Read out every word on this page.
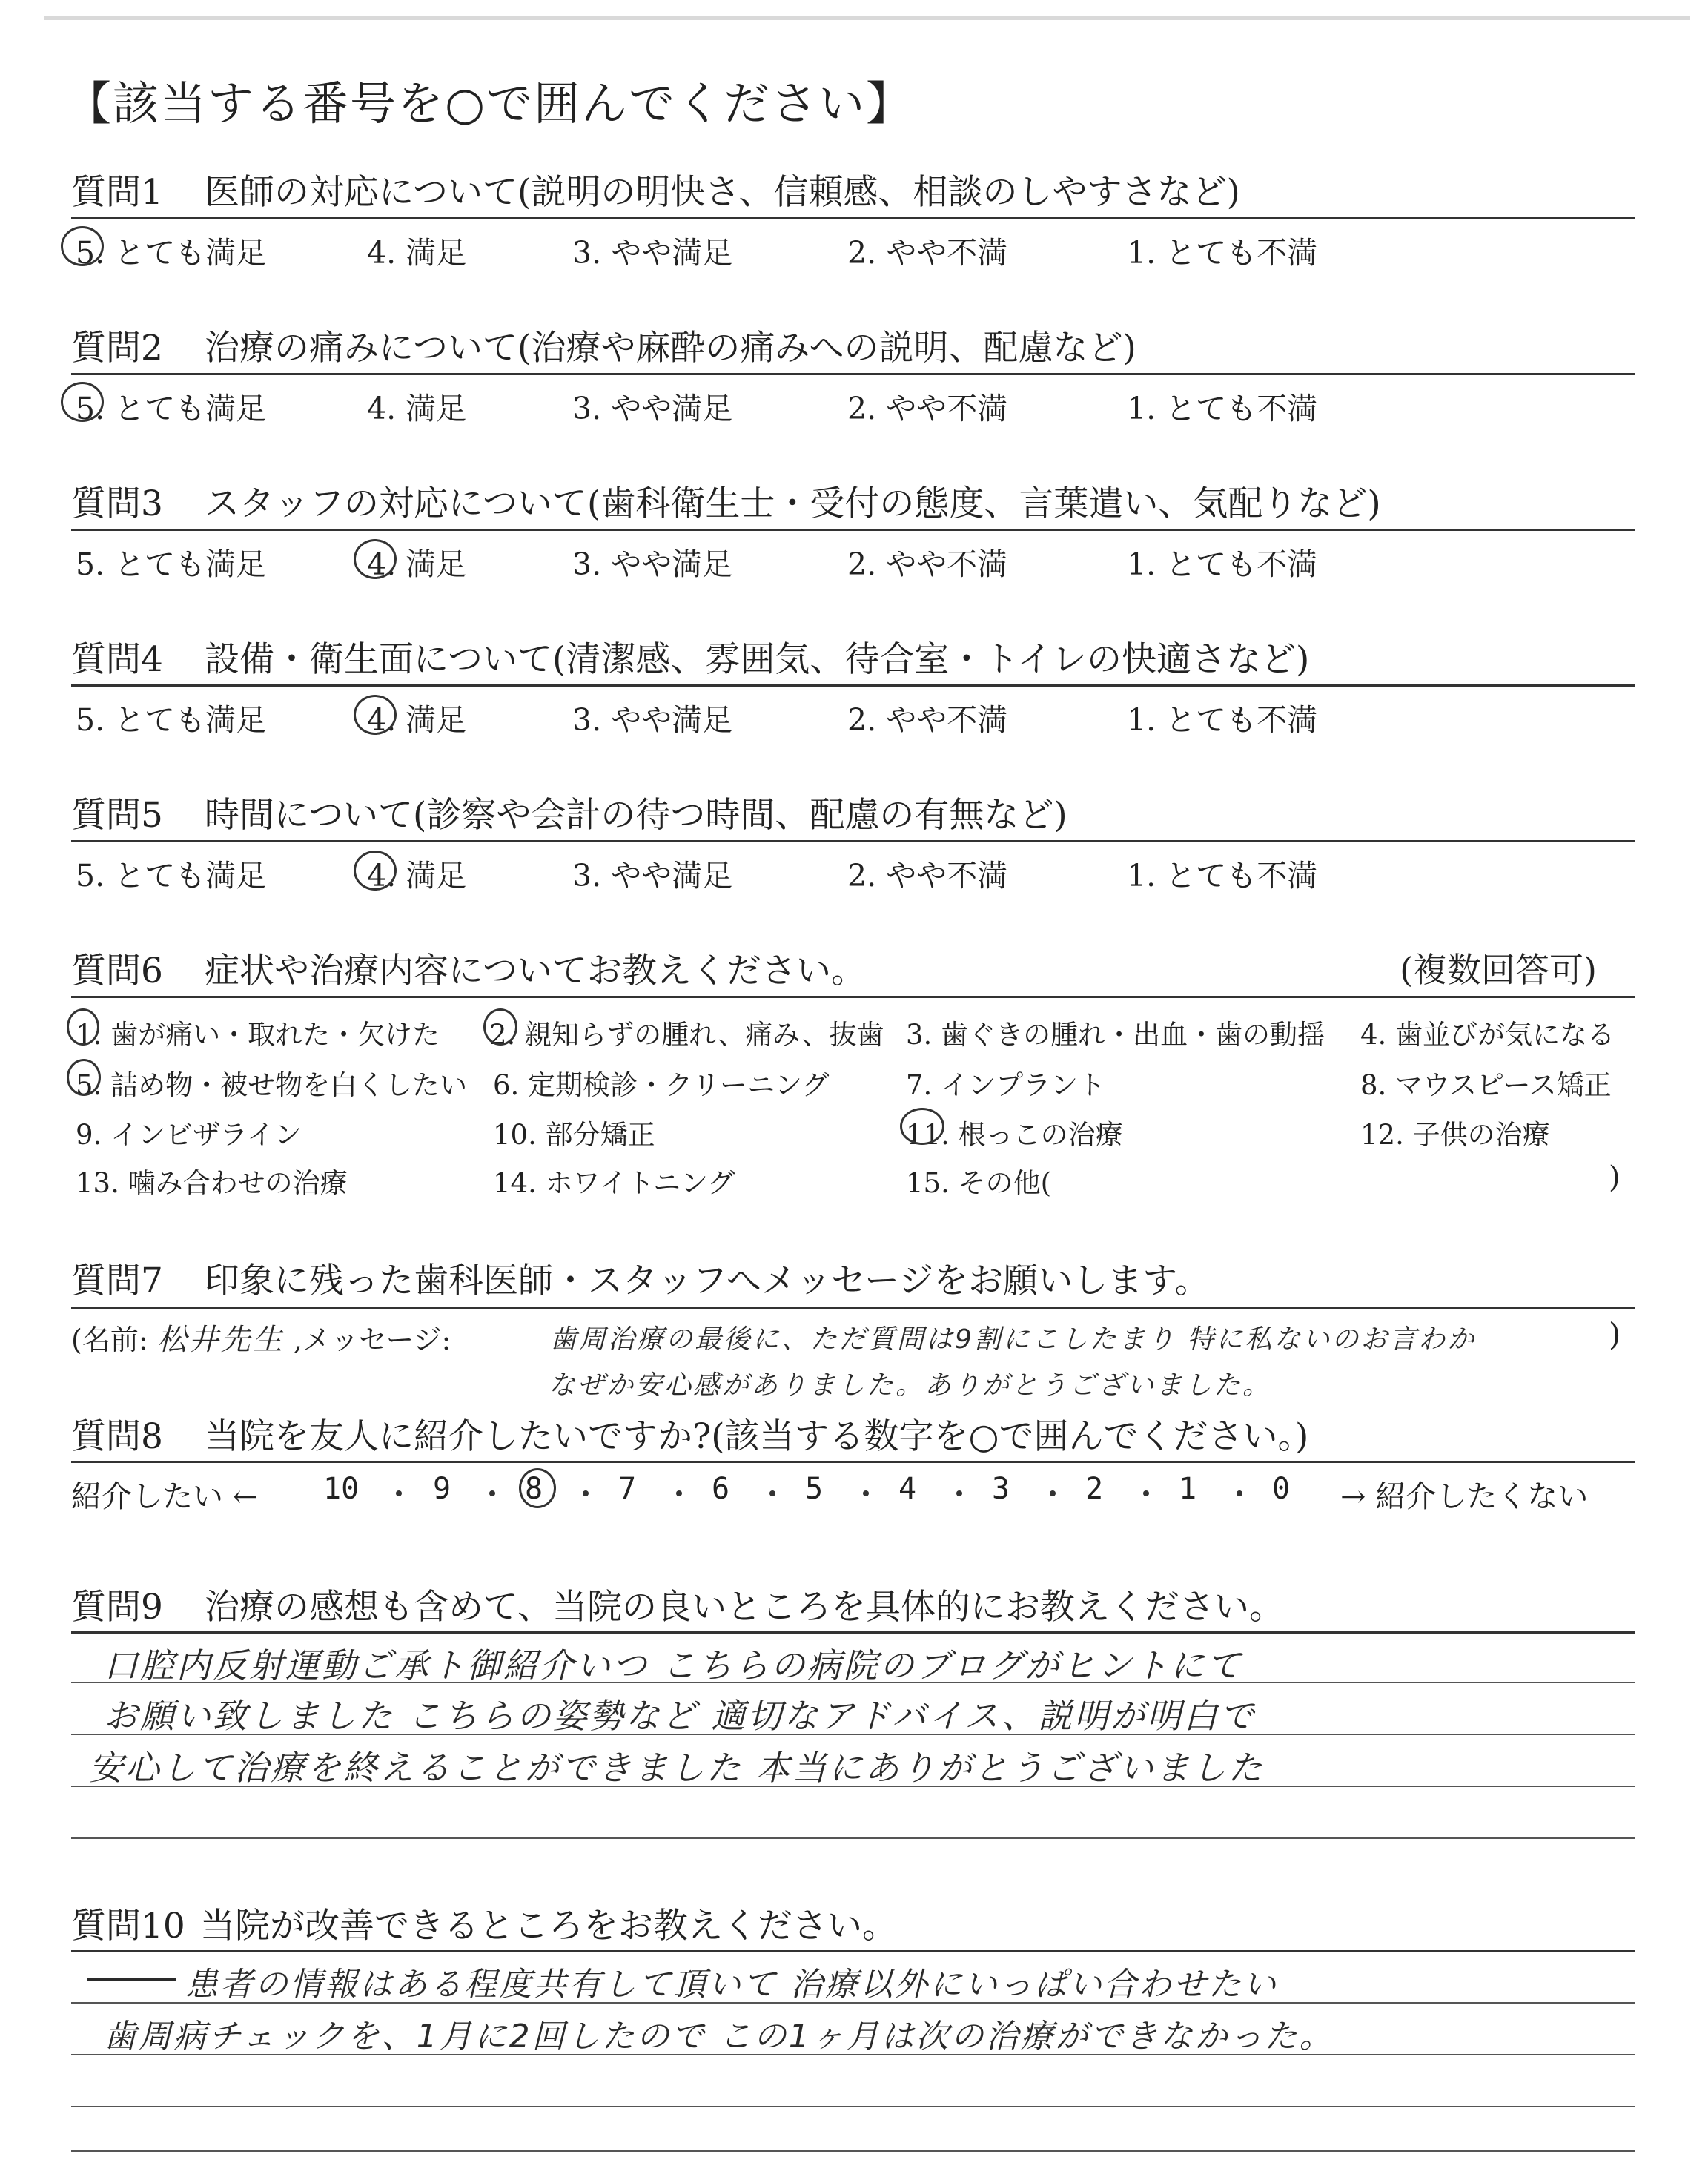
【該当する番号を○で囲んでください】
質問1 医師の対応について(説明の明快さ、信頼感、相談のしやすさなど)
5. とても満足	4. 満足	3. やや満足	2. やや不満	1. とても不満
質問2 治療の痛みについて(治療や麻酔の痛みへの説明、配慮など)
5. とても満足	4. 満足	3. やや満足	2. やや不満	1. とても不満
質問3 スタッフの対応について(歯科衛生士・受付の態度、言葉遣い、気配りなど)
5. とても満足	4. 満足	3. やや満足	2. やや不満	1. とても不満
質問4 設備・衛生面について(清潔感、雰囲気、待合室・トイレの快適さなど)
5. とても満足	4. 満足	3. やや満足	2. やや不満	1. とても不満
質問5 時間について(診察や会計の待つ時間、配慮の有無など)
5. とても満足	4. 満足	3. やや満足	2. やや不満	1. とても不満
質問6 症状や治療内容についてお教えください。	(複数回答可)
1. 歯が痛い・取れた・欠けた 2. 親知らずの腫れ、痛み、抜歯 3. 歯ぐきの腫れ・出血・歯の動揺 4. 歯並びが気になる
5. 詰め物・被せ物を白くしたい 6. 定期検診・クリーニング	7. インプラント	8. マウスピース矯正
9. インビザライン	10. 部分矯正	11. 根っこの治療	12. 子供の治療
13. 噛み合わせの治療	14. ホワイトニング	15. その他(	)
質問7 印象に残った歯科医師・スタッフへメッセージをお願いします。
(名前: 松井先生 ,メッセージ:	歯周治療の最後に、ただ質問は9割にこしたまり 特に私ないのお言わか
なぜか安心感がありました。ありがとうございました。
)
質問8 当院を友人に紹介したいですか?(該当する数字を○で囲んでください。)
紹介したい ← 10 9 8	7	6	5	4	3	2	1	0 → 紹介したくない
質問9 治療の感想も含めて、当院の良いところを具体的にお教えください。
口腔内反射運動ご承ト御紹介いつ こちらの病院のブログがヒントにて
お願い致しました こちらの姿勢など 適切なアドバイス、説明が明白で
安心して治療を終えることができました 本当にありがとうございました
質問10 当院が改善できるところをお教えください。
患者の情報はある程度共有して頂いて 治療以外にいっぱい合わせたい
歯周病チェックを、1月に2回したので この1ヶ月は次の治療ができなかった。
